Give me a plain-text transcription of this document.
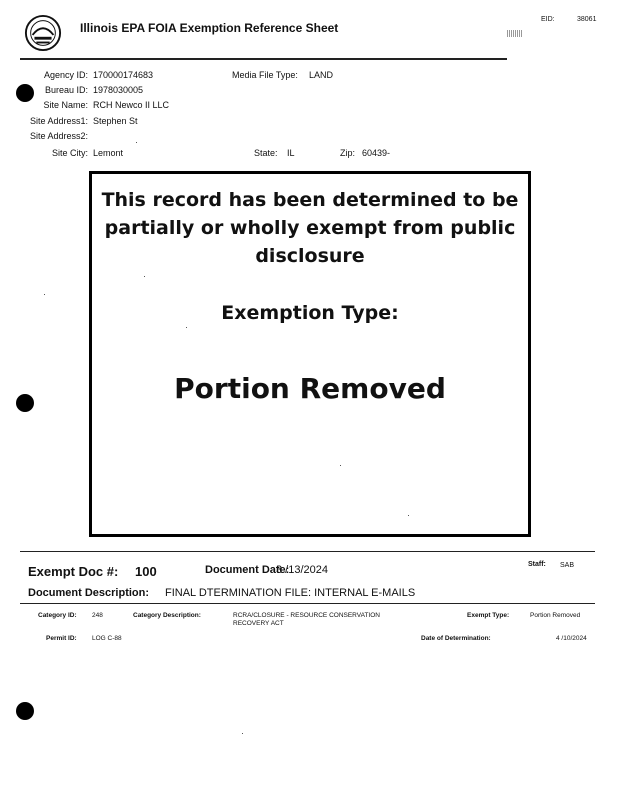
Illinois EPA FOIA Exemption Reference Sheet
EID:	38061
Agency ID: 170000174683	Media File Type: LAND
Bureau ID: 1978030005
Site Name: RCH Newco II LLC
Site Address1: Stephen St
Site Address2:
Site City: Lemont	State: IL	Zip: 60439-
This record has been determined to be partially or wholly exempt from public disclosure
Exemption Type:
Portion Removed
Exempt Doc #: 100	Document Date:
3 /13/2024	Staff: SAB
Document Description: FINAL DTERMINATION FILE: INTERNAL E-MAILS
Category ID: 248	Category Description:	RCRA/CLOSURE - RESOURCE CONSERVATION
RECOVERY ACT
Exempt Type:	Portion Removed
Permit ID: LOG C-88	Date of Determination:	4 /10/2024
